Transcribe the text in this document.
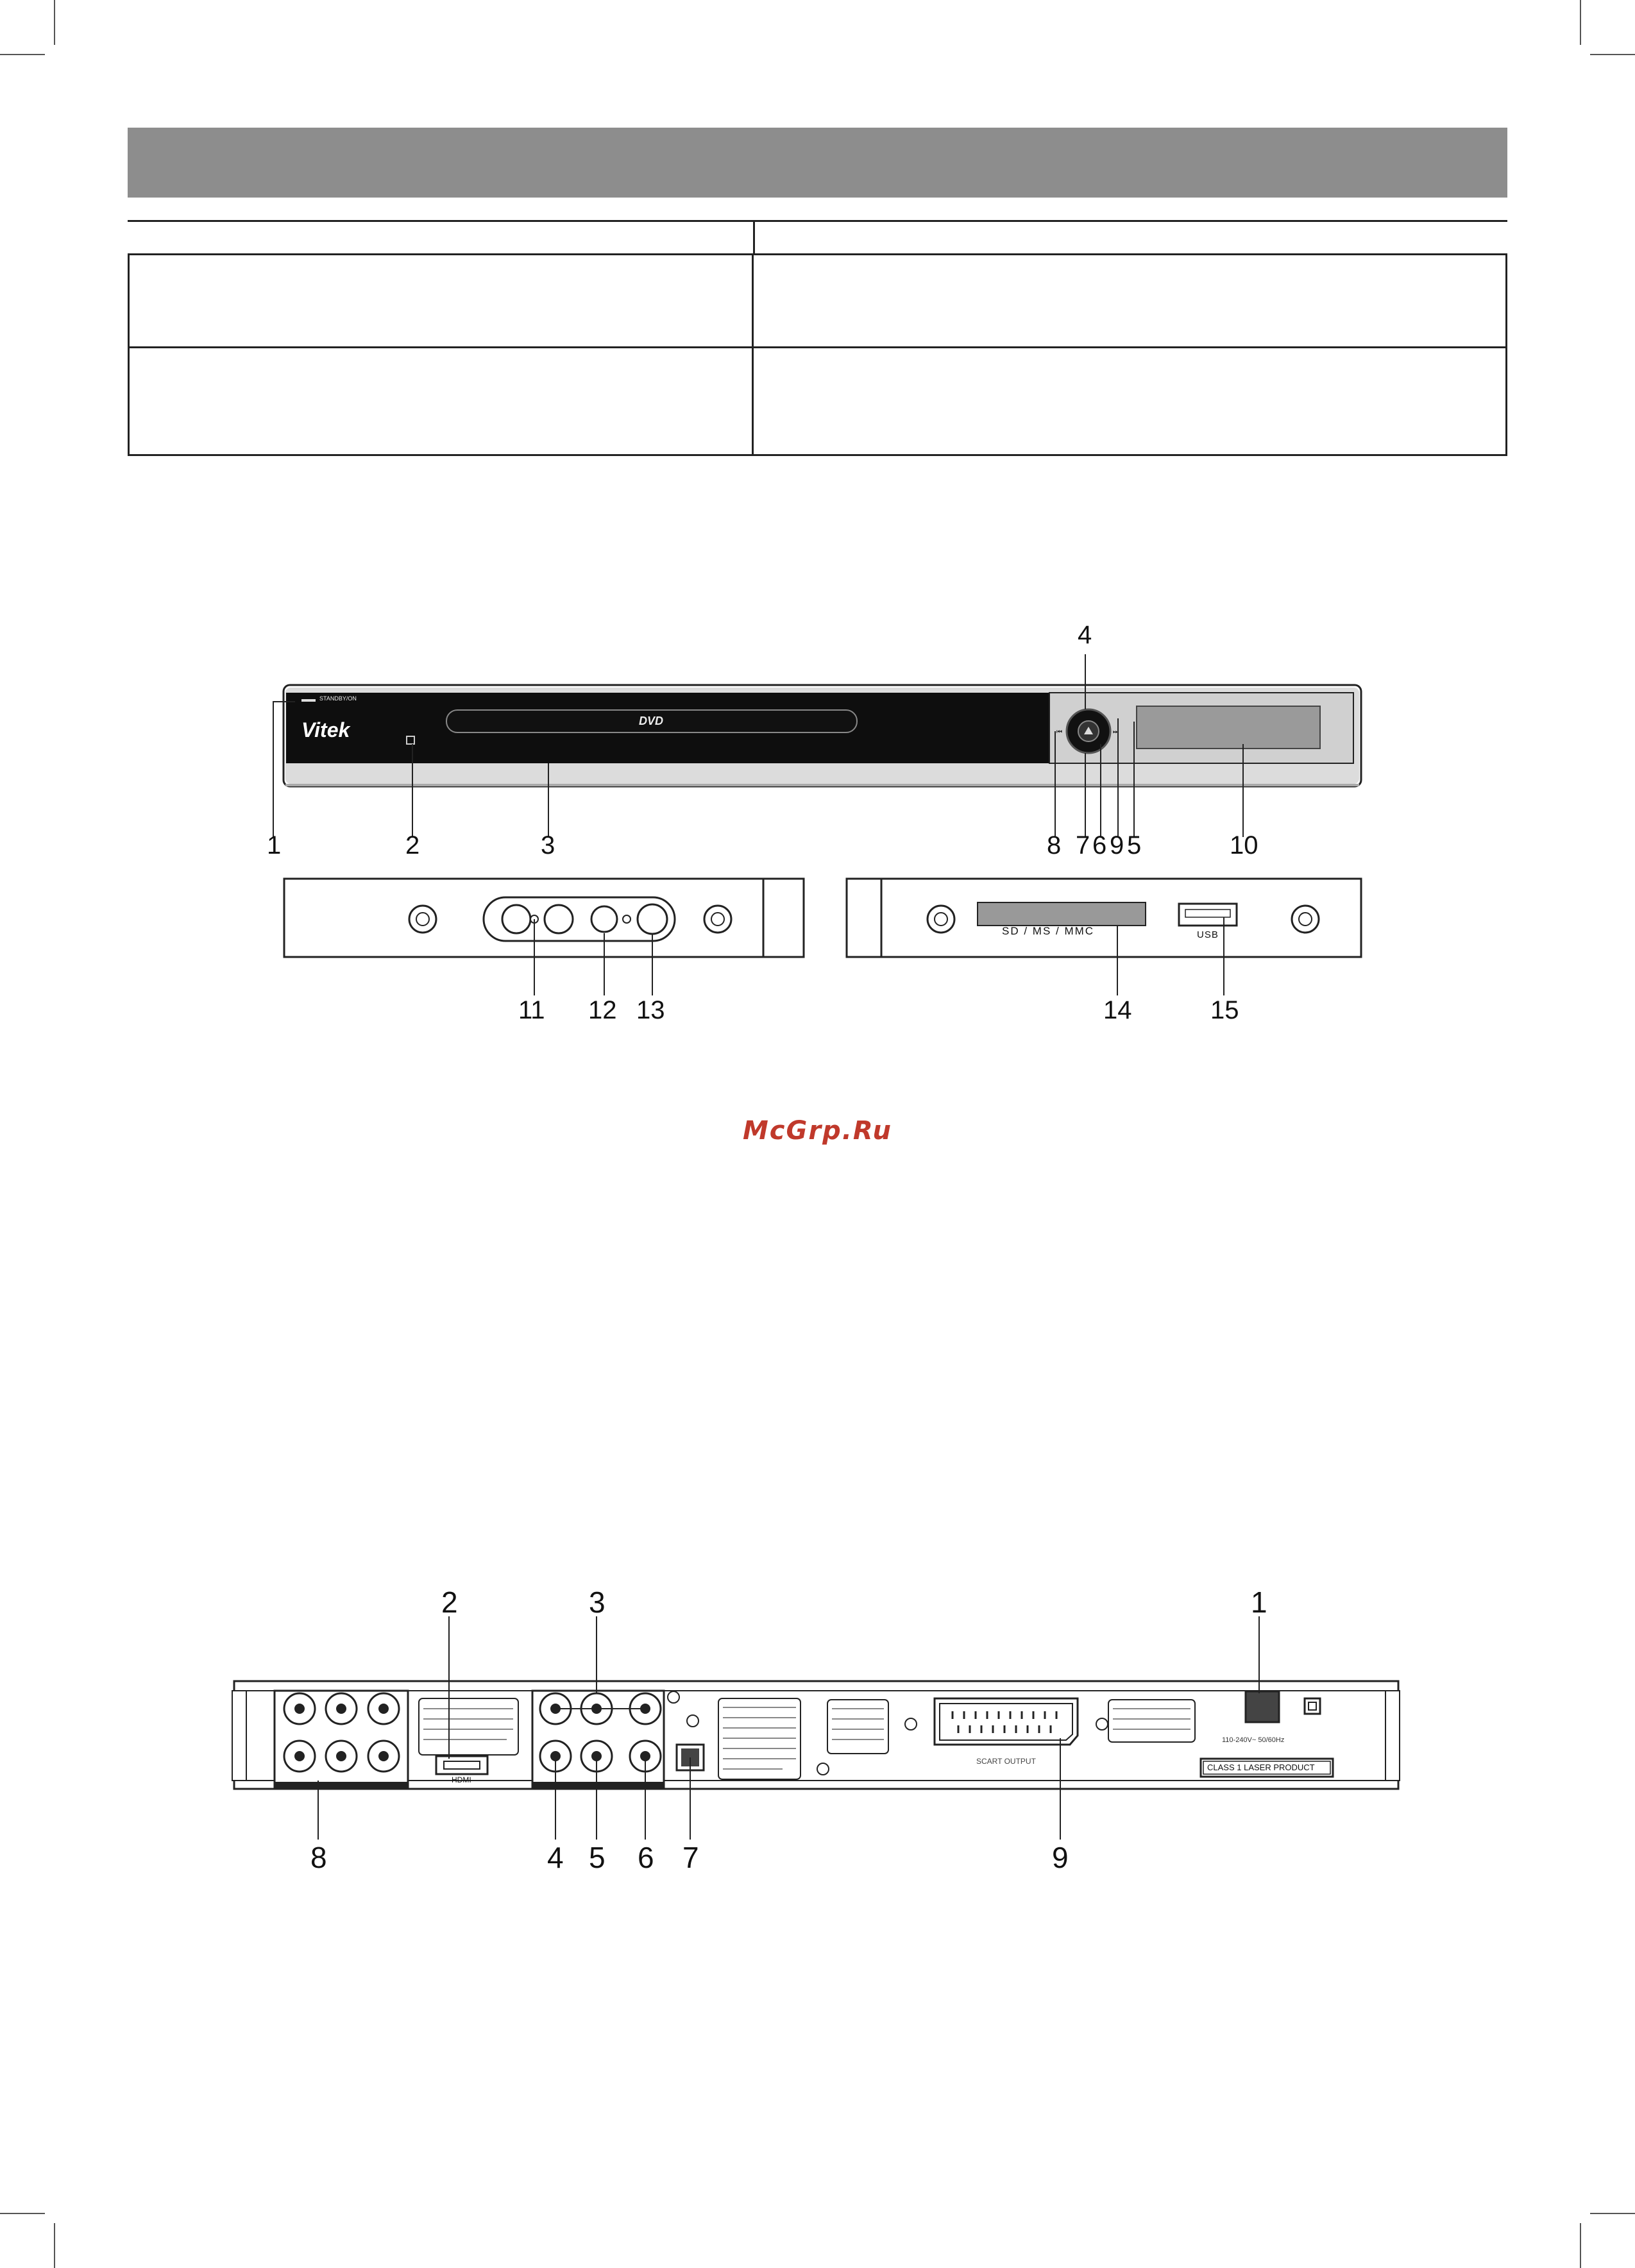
⏮	⏭
Vitek
STANDBY/ON
DVD
SD / MS / MMC	USB
4
1	2	3	8 7 6 9 5	10
11 12 13	14	15
McGrp.Ru
HDMI
SCART OUTPUT
110-240V~ 50/60Hz
CLASS 1 LASER PRODUCT
2	3	1
8	4 5 6 7	9
